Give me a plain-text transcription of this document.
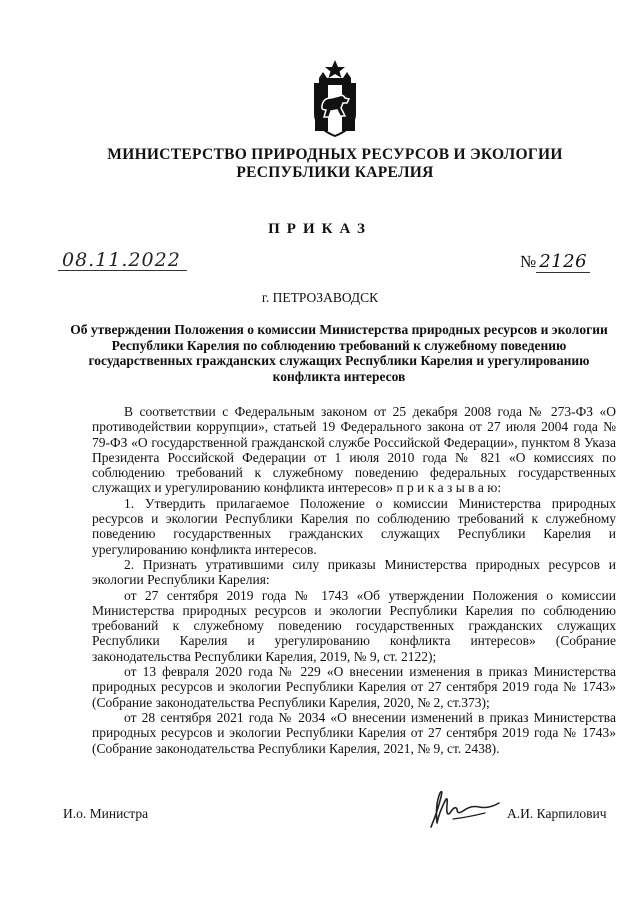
МИНИСТЕРСТВО ПРИРОДНЫХ РЕСУРСОВ И ЭКОЛОГИИ
РЕСПУБЛИКИ КАРЕЛИЯ
ПРИКАЗ
08.11.2022	№ 2126
г. ПЕТРОЗАВОДСК
Об утверждении Положения о комиссии Министерства природных ресурсов и экологии Республики Карелия по соблюдению требований к служебному поведению государственных гражданских служащих Республики Карелия и урегулированию конфликта интересов

В соответствии с Федеральным законом от 25 декабря 2008 года № 273-ФЗ «О противодействии коррупции», статьей 19 Федерального закона от 27 июля 2004 года № 79-ФЗ «О государственной гражданской службе Российской Федерации», пунктом 8 Указа Президента Российской Федерации от 1 июля 2010 года № 821 «О комиссиях по соблюдению требований к служебному поведению федеральных государственных служащих и урегулированию конфликта интересов» п р и к а з ы в а ю:

1. Утвердить прилагаемое Положение о комиссии Министерства природных ресурсов и экологии Республики Карелия по соблюдению требований к служебному поведению государственных гражданских служащих Республики Карелия и урегулированию конфликта интересов.

2. Признать утратившими силу приказы Министерства природных ресурсов и экологии Республики Карелия:

от 27 сентября 2019 года № 1743 «Об утверждении Положения о комиссии Министерства природных ресурсов и экологии Республики Карелия по соблюдению требований к служебному поведению государственных гражданских служащих Республики Карелия и урегулированию конфликта интересов» (Собрание законодательства Республики Карелия, 2019, № 9, ст. 2122);

от 13 февраля 2020 года № 229 «О внесении изменения в приказ Министерства природных ресурсов и экологии Республики Карелия от 27 сентября 2019 года № 1743» (Собрание законодательства Республики Карелия, 2020, № 2, ст.373);

от 28 сентября 2021 года № 2034 «О внесении изменений в приказ Министерства природных ресурсов и экологии Республики Карелия от 27 сентября 2019 года № 1743» (Собрание законодательства Республики Карелия, 2021, № 9, ст. 2438).

И.о. Министра	А.И. Карпилович
